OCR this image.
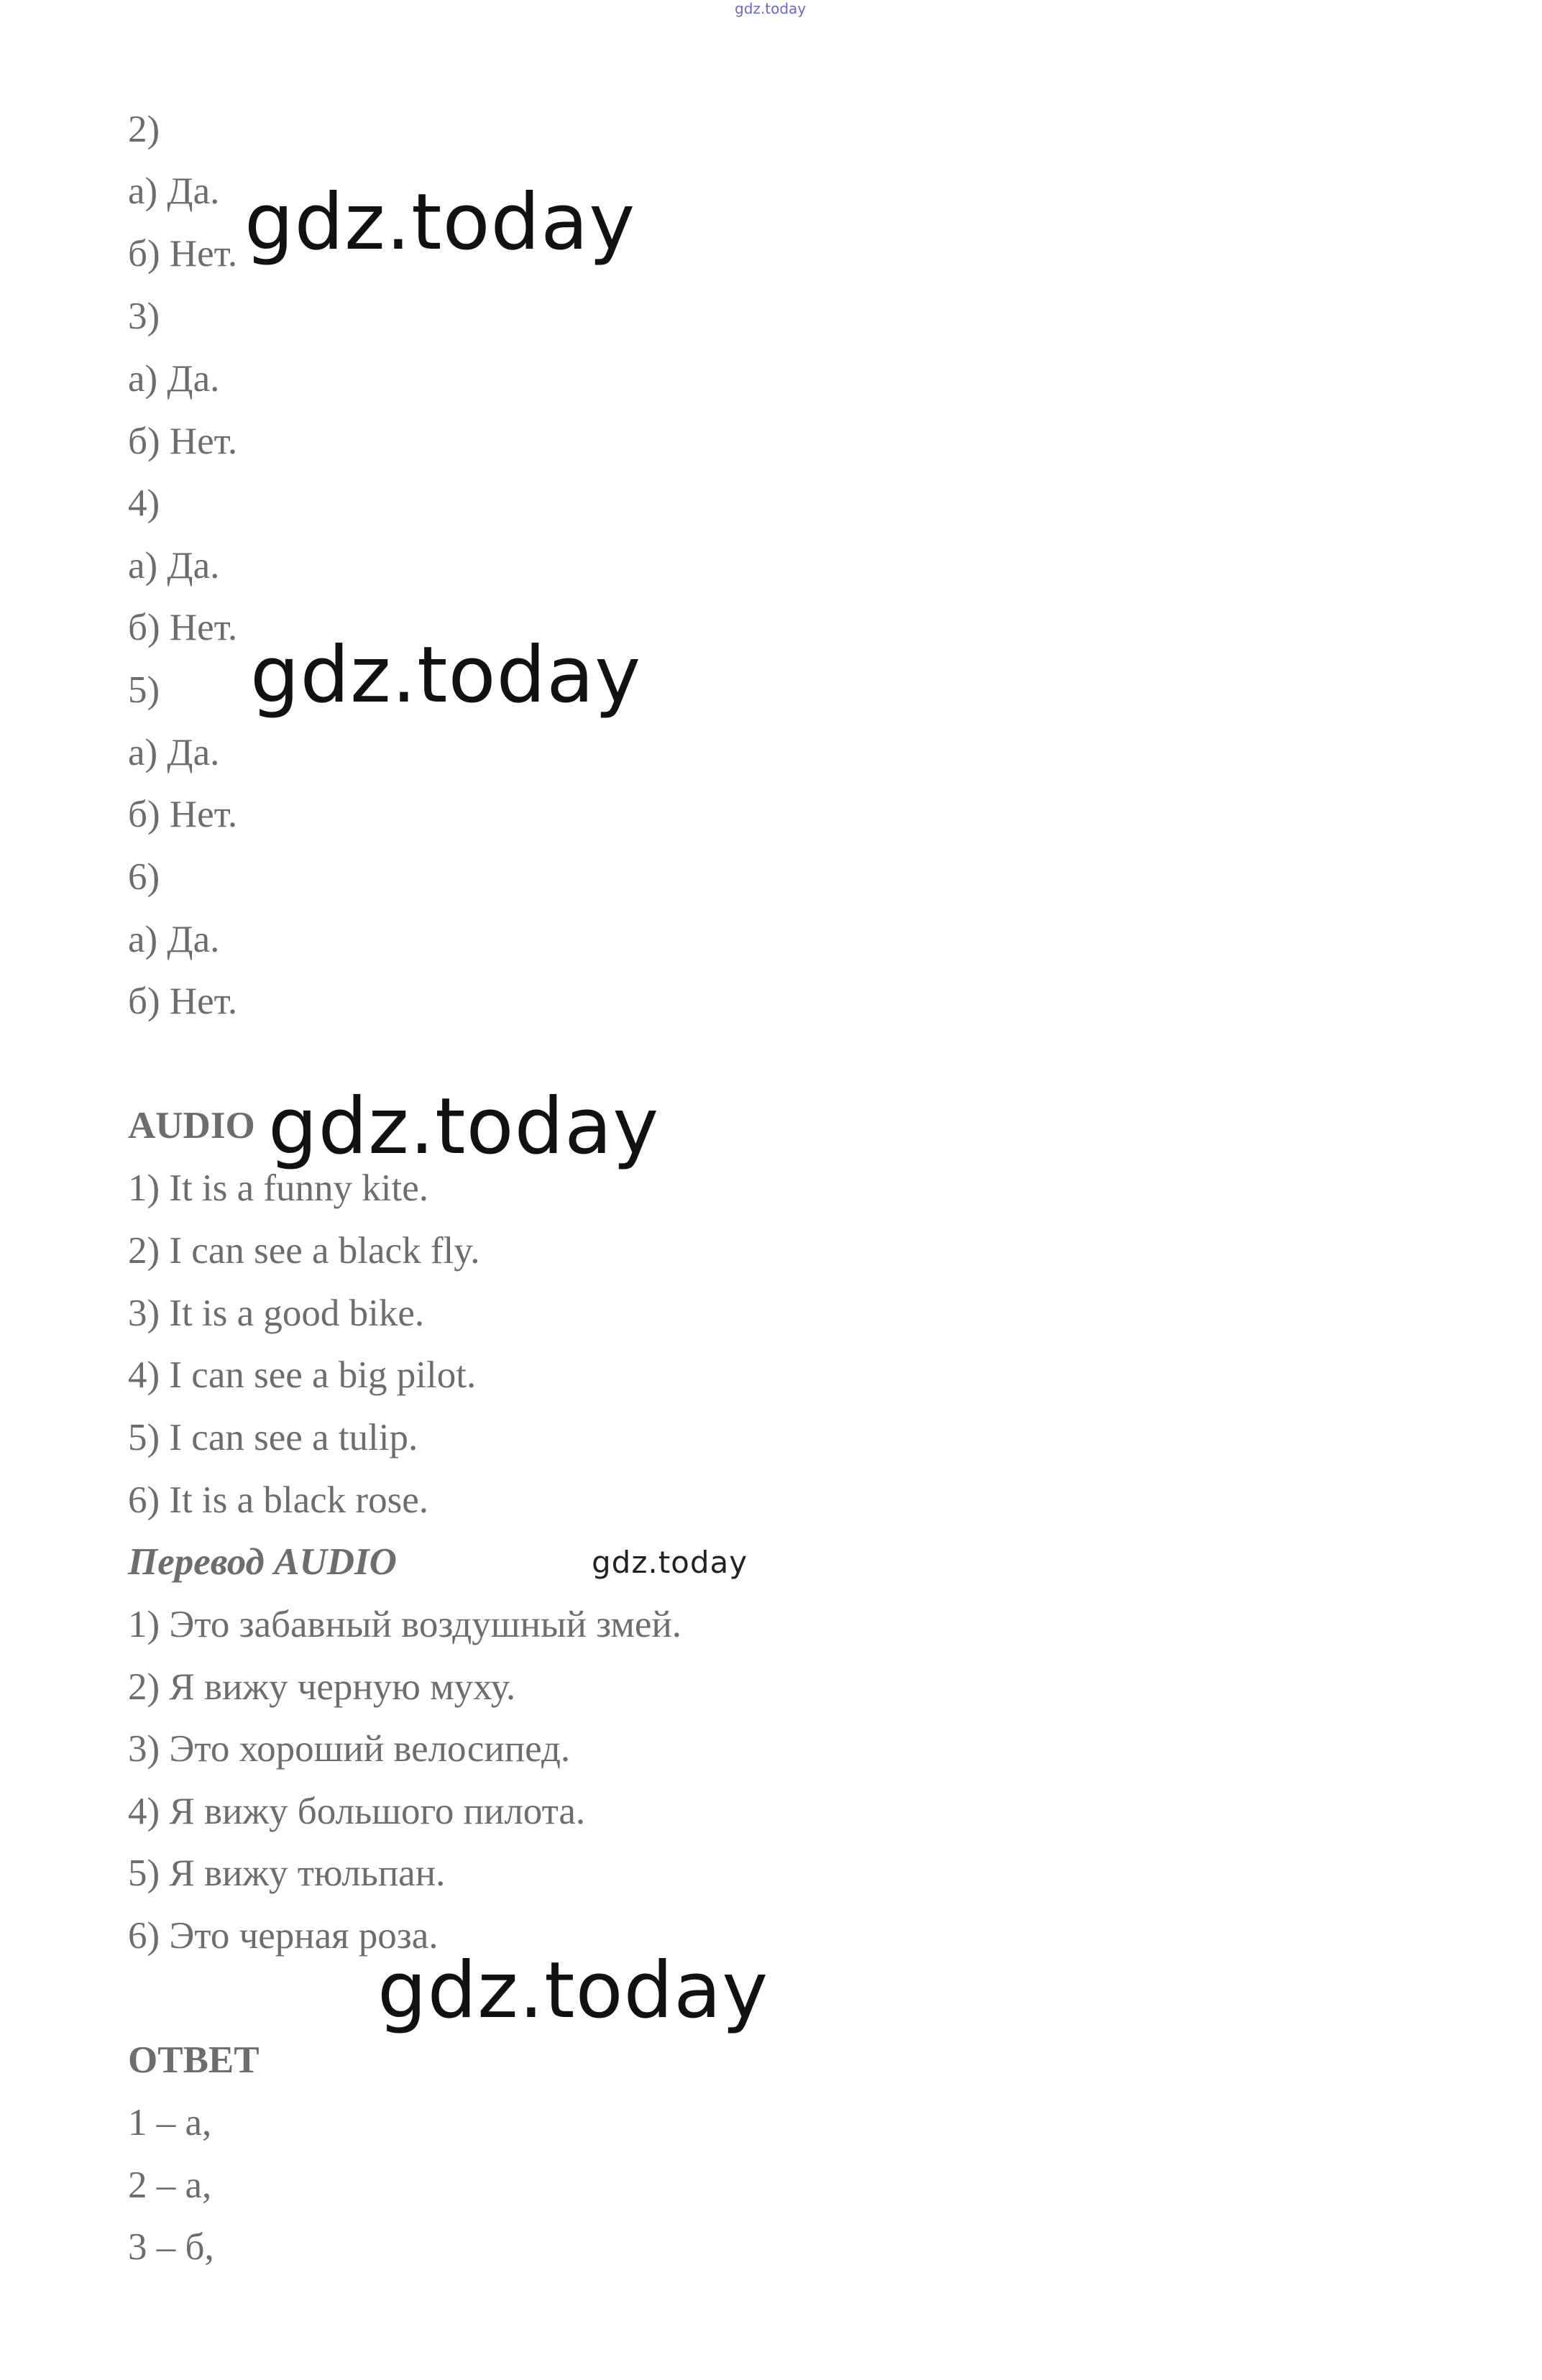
gdz.today
2)
а) Да.
б) Нет.
3)
а) Да.
б) Нет.
4)
а) Да.
б) Нет.
5)
а) Да.
б) Нет.
6)
а) Да.
б) Нет.
AUDIO
1) It is a funny kite.
2) I can see a black fly.
3) It is a good bike.
4) I can see a big pilot.
5) I can see a tulip.
6) It is a black rose.
Перевод AUDIO
1) Это забавный воздушный змей.
2) Я вижу черную муху.
3) Это хороший велосипед.
4) Я вижу большого пилота.
5) Я вижу тюльпан.
6) Это черная роза.
ОТВЕТ
1 – а,
2 – а,
3 – б,
gdz.today
gdz.today
gdz.today
gdz.today
gdz.today
